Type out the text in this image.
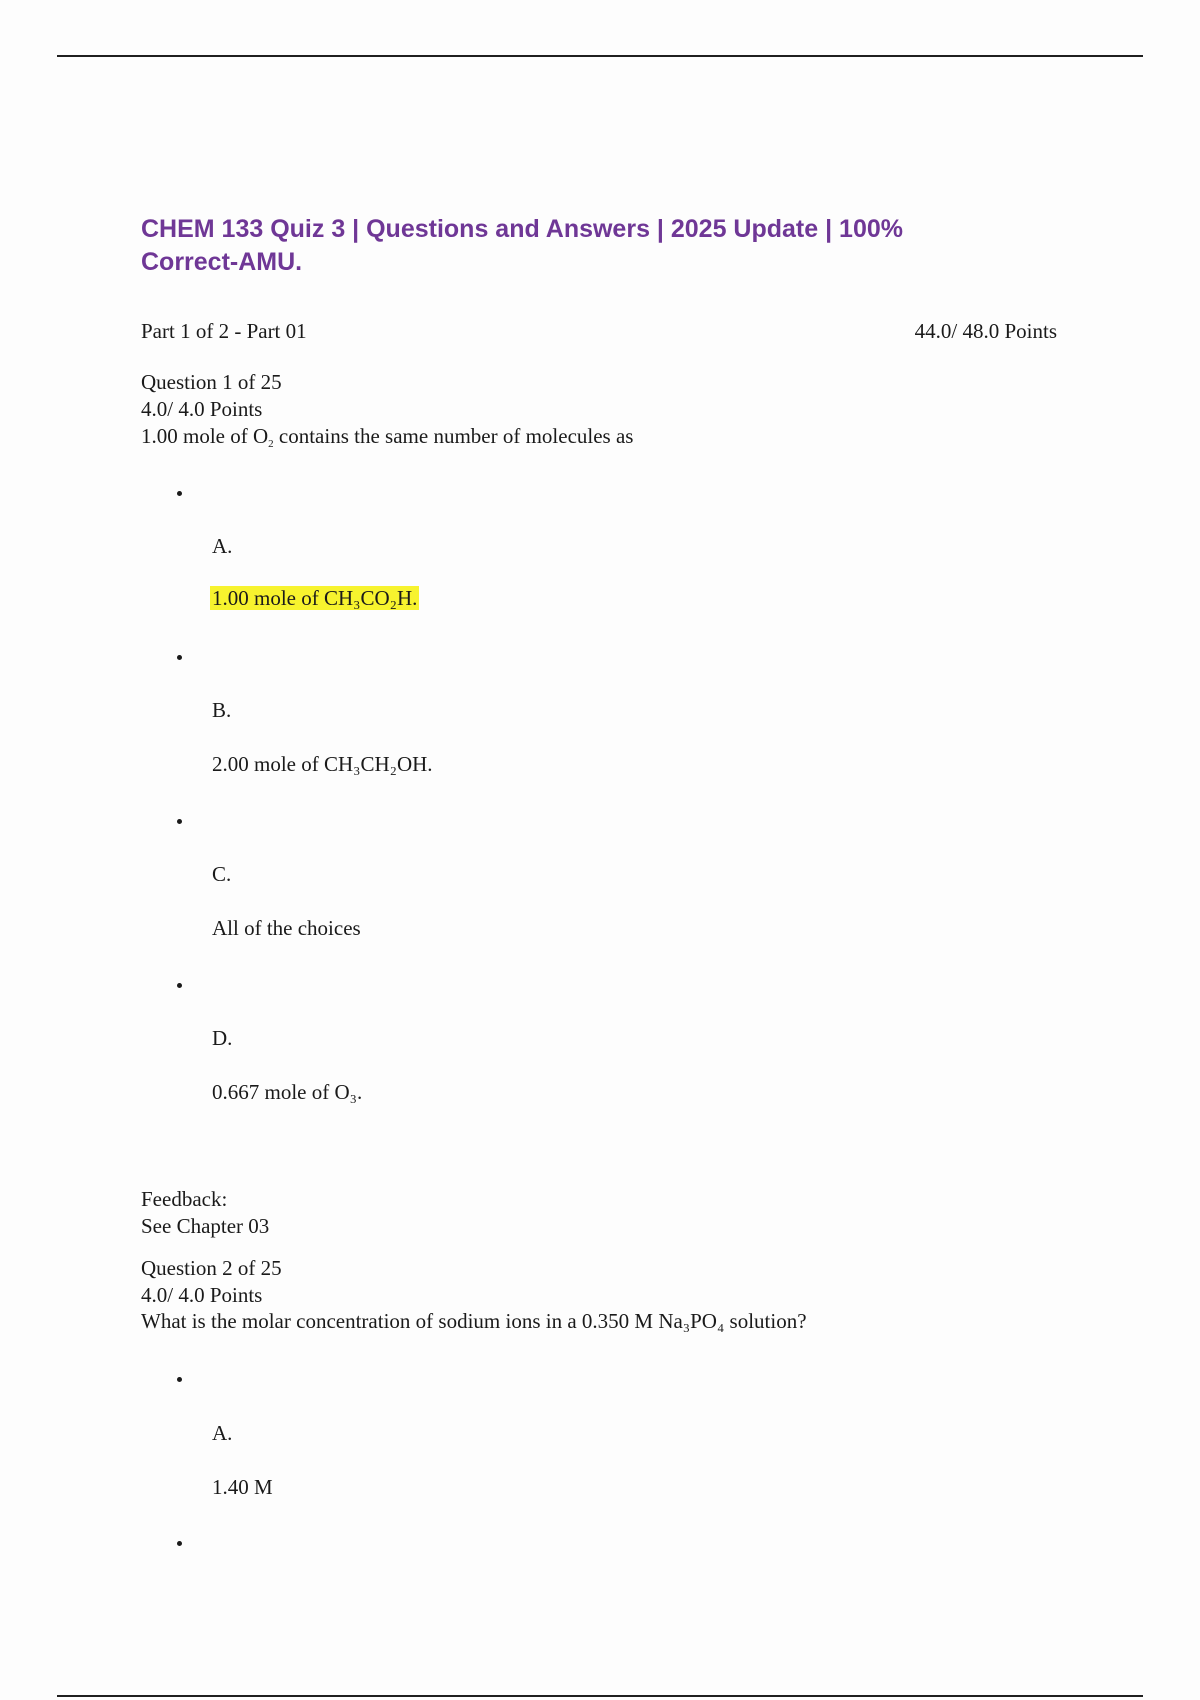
CHEM 133 Quiz 3 | Questions and Answers | 2025 Update | 100%
Correct-AMU.
Part 1 of 2 - Part 01	44.0/ 48.0 Points
Question 1 of 25
4.0/ 4.0 Points
1.00 mole of $O_2$ contains the same number of molecules as
A.
1.00 mole of CH₃CO₂H.
B.
2.00 mole of CH₃CH₂OH.
C.
All of the choices
D.
0.667 mole of O₃.
Feedback:
See Chapter 03
Question 2 of 25
4.0/ 4.0 Points
What is the molar concentration of sodium ions in a 0.350 M Na₃PO₄ solution?
A.
1.40 M
